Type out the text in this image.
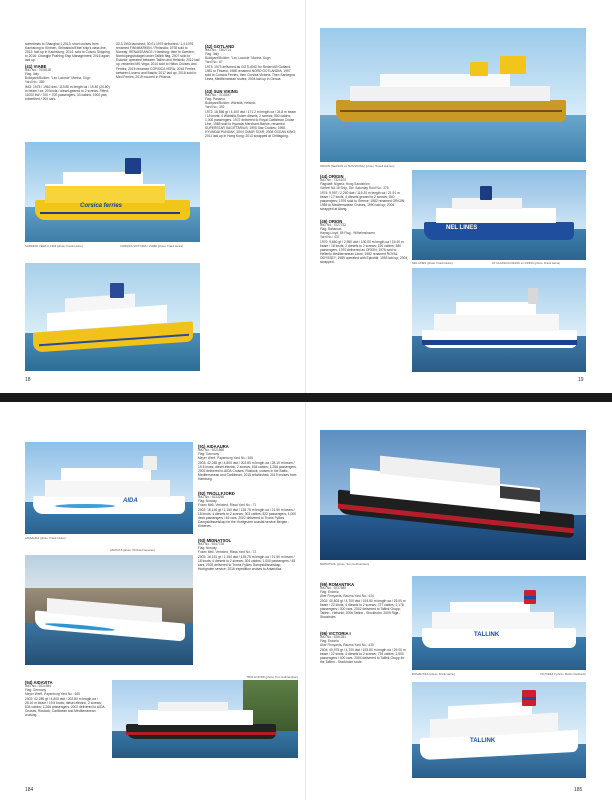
sometimes to Shanghai 1 2013: short cruises from Kaohsiung to Kinmen, Shimabuin/Eihei ship's class line, 2013: laid up in Kaohsiung; 2014: sold to Cosmo Shipping to 2016: Changjin Pushing Ship Management; 2016 again laid up.
(41) VIABE
IMO No.: 7008118
Flag: Italy
Buildyard/Builder: "Leo Lacoste" Marina, Sogn
Yard No.: 389
IMO: 1975 / 1962 dwt / 119.80 m length oa / 19.40 (20.80) m beam / ca. 20 knots / diesel-geared to 2 screws. Fitted: 11000 kW / 700 + 700 passengers, 33 cabins, 1900 pax; unberthed / 200 cars.
30.3.1953 launched; 30.01.1975 delivered / 1.4.1976 renamed FINNMARKEN / Finlandia; 1978 sold to Norway; RENAISSANCE / Hamburg; then to Sweden; Norrköpingsbolaget under Tallink flag; 2007 sold to Estonia; operated between Tallinn and Helsinki; 2012 laid up, renamed MS Vega; 2014 sold to Hilton Cruises and Ferries; 2015 renamed CORSICA VERA; 2016 Ferries between Livorno and Bastia; 2017 laid up; 2018 sold to Med Ferries; 2019 moored in Piraeus.
(42) GOTLAND
IMO No.: 7362714
Flag: Italy
Buildyard/Builder: "Leo Lacoste" Marina, Sogn
Yard No.: 87
1973: 1973 delivered as GOTLAND for Rederi AB Gotland. 1981 to Finland; 1988 renamed NORD GOTLANDIA; 1997 sold to Corsica Ferries, then Corsica Victoria. Then Sardegna Linea, Mediterranean routes; 2004 laid up in Genoa.
(43) SUN VIKING
IMO No.: 7015157
Flag: Panama
Buildyard/Builder: Wärtsilä, Helsinki
Yard No.: 392
1972: 18,556 gt / 4,400 dwt / 171.2 m length oa / 24.8 m beam / 18 knots; 4 Wärtsilä-Sulzer diesels, 2 screws; 550 cabins; 1,000 passengers. 1972 delivered to Royal Caribbean Cruise Line; 1988 sold to Hyundai Merchant Marine, renamed SUPERSTAR SAGITTARIUS; 1990 Star Cruises; 1998 HYUNDAI PUNGAK; 2004 OMAR STAR; 2008 OCEAN KING; 2011 laid up in Hong Kong; 2013 scrapped at Chittagong.
Corsica ferries
SARDINIA VERA in 1999 (photo: Frank Heine)	CORSICA VICTORIA / VIABE (photo: Frank Heine)
18
ORIGIN (SEASON ex SUN VIKING) (photo: Torsell Holmes)
(44) ORIGIN
IMO No.: 7321679
Flagstaff: Nigeria; Hong Sandström
Värfvet NA 18 Ship, Dkr. Saturday Roof No.: 378
1974: 9,997 / 2,260 dwt / 119.20 m length oa / 21.91 m beam / 17 knots; 4 diesels geared to 2 screws; 840 passengers; 1976 sold to Greece; 1982 renamed ORIGIN; 1985 to Mediterranean Cruises; 1990 laid up; 2004 scrapped at Alang.
(45) ORION
IMO No.: 7027732
Flag: Bahamas
Hapag-Lloyd, 58 Flag - Wilhelmshaven
Yard No.: 437
1970: 5,660 gt / 2,550 dwt / 100.00 m length oa / 15.40 m beam / 18 knots; 2 diesels to 2 screws; 190 cabins; 380 passengers. 1970 delivered as ORION; 1976 sold to Hellenic Mediterranean Lines; 1982 renamed ROYAL ODYSSEY; 1989 operated with Epirotiki; 1993 laid up; 2004 scrapped.
NEL LINES
NEL LINES (photo: Frank Heine)	AT CLASSICA FRANK ex ORION (photo: Frank Heine)
19
AIDA
AIDAAURA (photo: Frank Heine)
AIDAVITA (photo: Winfried Gessner)
(91) AIDAAURA
IMO No.: 9221566
Flag: Germany
Meyer Werft, Papenburg Yard No.: 646
2003: 42,289 gt / 4,800 dwt / 202.80 m length oa / 28.10 m beam / 19.5 knots; diesel-electric, 2 screws; 634 cabins; 1,266 passengers. 2003 delivered to AIDA Cruises, Rostock; cruises in the Baltic, Mediterranean and Caribbean; 2015 refurbished; 2019 cruises from Hamburg.
(92) TROLLFJORD
IMO No.: 9233258
Flag: Norway
Fosen Mek. Verksted, Rissa Yard No.: 71
2002: 16,140 gt / 1,150 dwt / 135.75 m length oa / 21.50 m beam / 18 knots; 4 diesels to 2 screws; 303 cabins; 822 passengers; 1,000 deck passengers / 45 cars. 2002 delivered to Troms Fylkes Dampskibsselskap for the Hurtigruten coastal service Bergen - Kirkenes.
(93) MIDNATSOL
IMO No.: 9247728
Flag: Norway
Fosen Mek. Verksted, Rissa Yard No.: 72
2003: 16,151 gt / 1,184 dwt / 135.75 m length oa / 21.50 m beam / 18 knots; 4 diesels to 2 screws; 304 cabins; 1,000 passengers / 45 cars. 2003 delivered to Troms Fylkes Dampskibsselskap; Hurtigruten service; 2016 expedition cruises to Antarctica.
(94) AIDAVITA
IMO No.: 9221554
Flag: Germany
Meyer Werft, Papenburg Yard No.: 645
2002: 42,289 gt / 4,800 dwt / 202.80 m length oa / 28.10 m beam / 19.5 knots; diesel-electric, 2 screws; 634 cabins; 1,266 passengers. 2002 delivered to AIDA Cruises, Rostock; Caribbean and Mediterranean cruising.
TROLLFJORD (photo: Tom Gulbrandsen)
184
MIDNATSOL (photo: Tom Gulbrandsen)
(95) ROMANTIKA
IMO No.: 9237589
Flag: Estonia
Aker Finnyards, Rauma Yard No.: 434
2002: 40,803 gt / 4,700 dwt / 193.80 m length oa / 29.00 m beam / 22 knots; 4 diesels to 2 screws; 727 cabins; 2,178 passengers / 300 cars. 2002 delivered to Tallink Grupp; Tallinn - Helsinki; 2006 Tallinn - Stockholm; 2009 Riga - Stockholm.
(96) VICTORIA I
IMO No.: 9281281
Flag: Estonia
Aker Finnyards, Rauma Yard No.: 435
2004: 40,975 gt / 4,700 dwt / 193.80 m length oa / 29.00 m beam / 22 knots; 4 diesels to 2 screws; 739 cabins; 2,500 passengers / 400 cars. 2004 delivered to Tallink Grupp for the Tallinn - Stockholm route.
TALLINK
ROMANTIKA (photo: Frank Heine)	VICTORIA I (photo: Martin Oelsbeck)
TALLINK
185
